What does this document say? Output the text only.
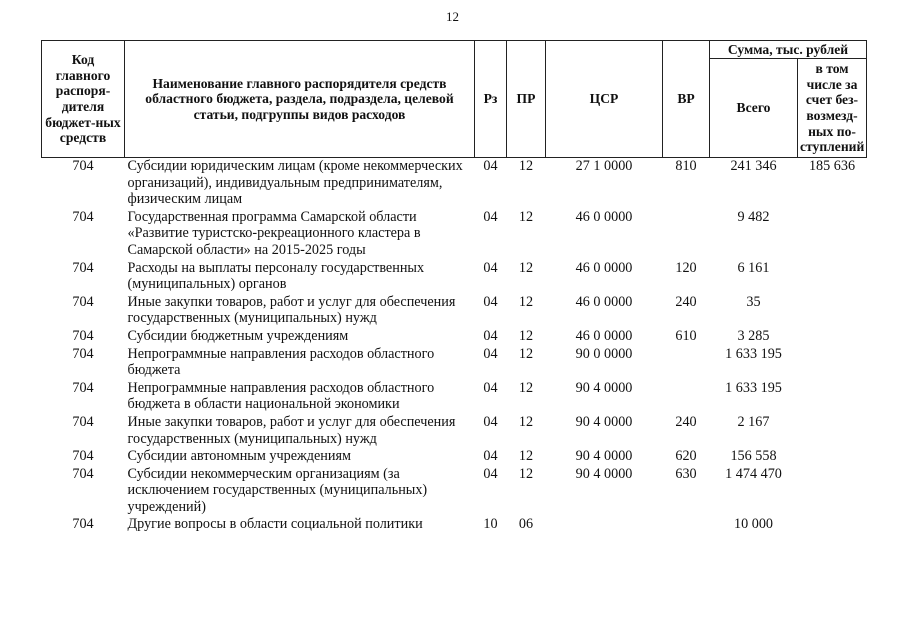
12
Код главного распоря-дителя бюджет-ных средств	Наименование главного распорядителя средств областного бюджета, раздела, подраздела, целевой статьи, подгруппы видов расходов	Рз	ПР	ЦСР	ВР	Сумма, тыс. рублей	
						Всего	в том числе за счет без-возмезд-ных по-ступлений
704	Субсидии юридическим лицам (кроме некоммерческих организаций), индивидуальным предпринимателям, физическим лицам	04	12	27 1 0000	810	241 346	185 636
704	Государственная программа Самарской области «Развитие туристско-рекреационного кластера в Самарской области» на 2015-2025 годы	04	12	46 0 0000		9 482	
704	Расходы на выплаты персоналу государственных (муниципальных) органов	04	12	46 0 0000	120	6 161	
704	Иные закупки товаров, работ и услуг для обеспечения государственных (муниципальных) нужд	04	12	46 0 0000	240	35	
704	Субсидии бюджетным учреждениям	04	12	46 0 0000	610	3 285	
704	Непрограммные направления расходов областного бюджета	04	12	90 0 0000		1 633 195	
704	Непрограммные направления расходов областного бюджета в области национальной экономики	04	12	90 4 0000		1 633 195	
704	Иные закупки товаров, работ и услуг для обеспечения государственных (муниципальных) нужд	04	12	90 4 0000	240	2 167	
704	Субсидии автономным учреждениям	04	12	90 4 0000	620	156 558	
704	Субсидии некоммерческим организациям (за исключением государственных (муниципальных) учреждений)	04	12	90 4 0000	630	1 474 470	
704	Другие вопросы в области социальной политики	10	06			10 000	
